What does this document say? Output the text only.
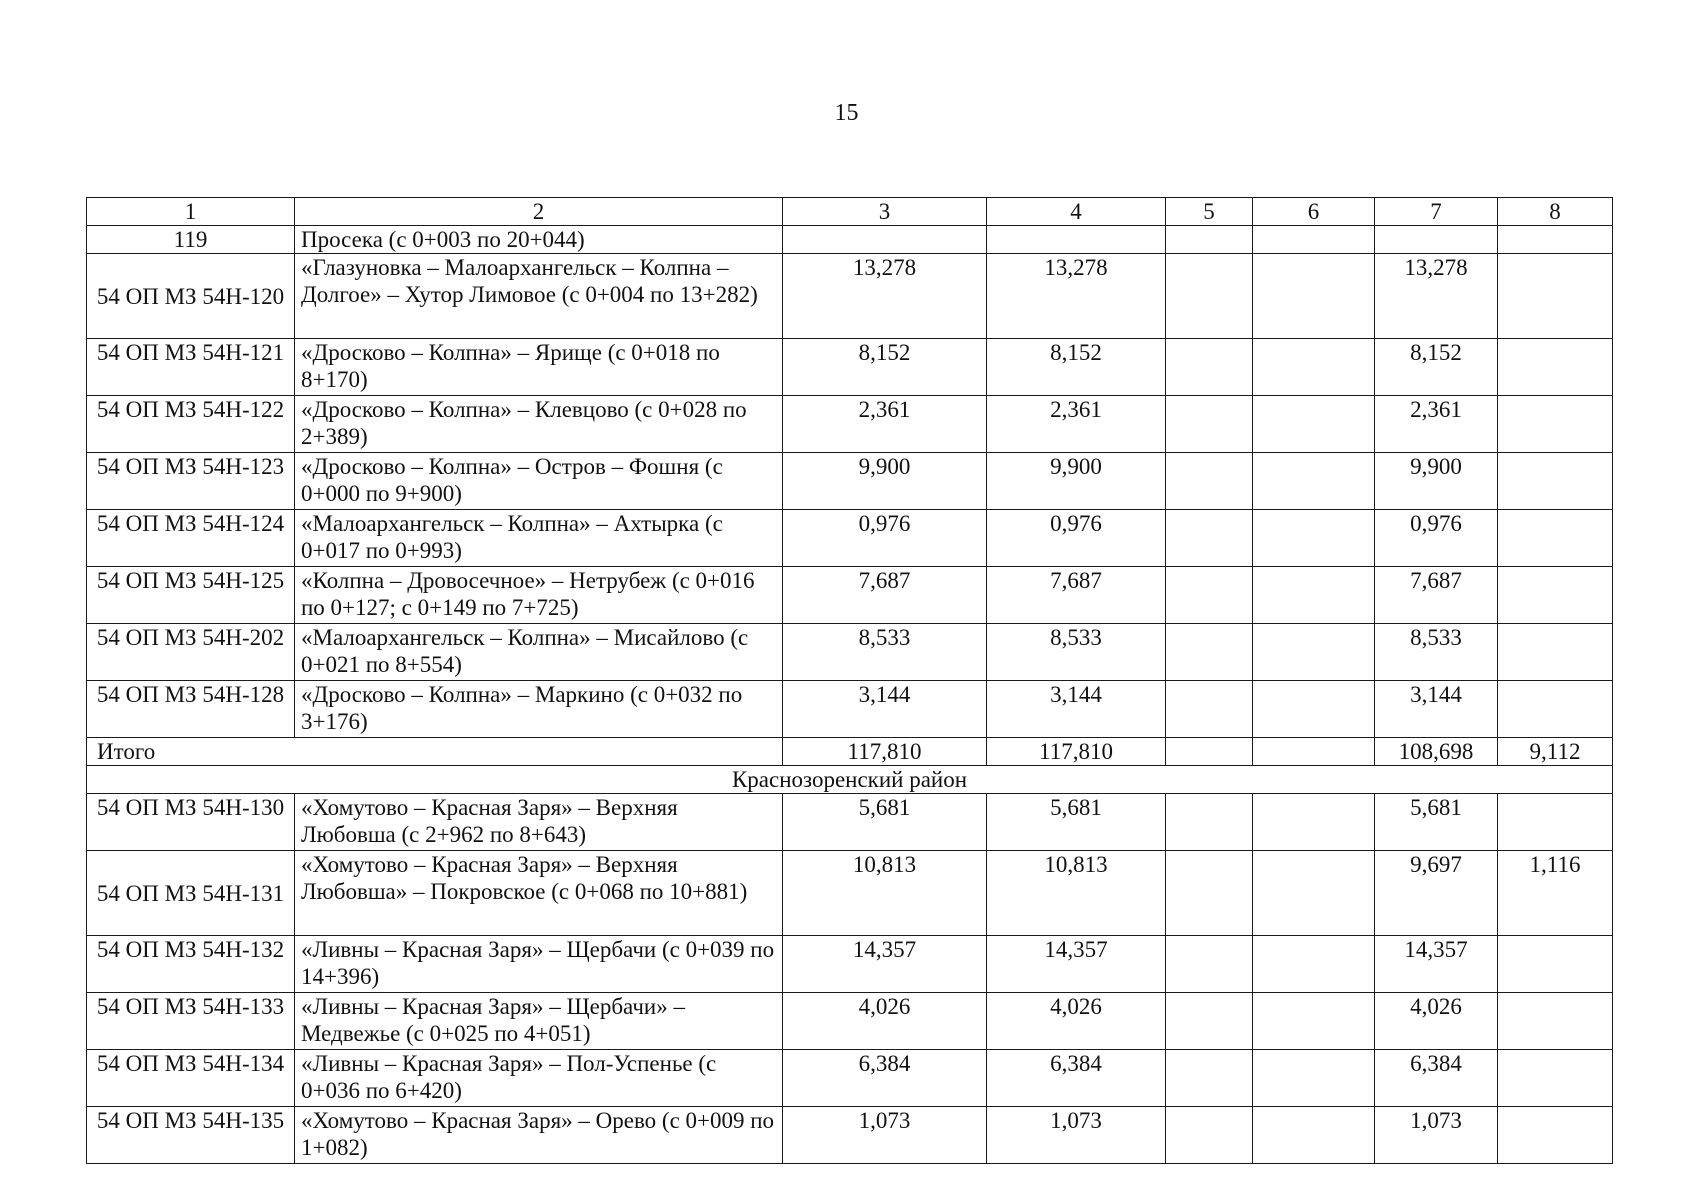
15
1	2	3	4	5	6	7	8
119	Просека (с 0+003 по 20+044)						
54 ОП МЗ 54Н-120	«Глазуновка – Малоархангельск – Колпна – Долгое» – Хутор Лимовое (с 0+004 по 13+282)	13,278	13,278			13,278	
54 ОП МЗ 54Н-121	«Дросково – Колпна» – Ярище (с 0+018 по 8+170)	8,152	8,152			8,152	
54 ОП МЗ 54Н-122	«Дросково – Колпна» – Клевцово (с 0+028 по 2+389)	2,361	2,361			2,361	
54 ОП МЗ 54Н-123	«Дросково – Колпна» – Остров – Фошня (с 0+000 по 9+900)	9,900	9,900			9,900	
54 ОП МЗ 54Н-124	«Малоархангельск – Колпна» – Ахтырка (с 0+017 по 0+993)	0,976	0,976			0,976	
54 ОП МЗ 54Н-125	«Колпна – Дровосечное» – Нетрубеж (с 0+016 по 0+127; с 0+149 по 7+725)	7,687	7,687			7,687	
54 ОП МЗ 54Н-202	«Малоархангельск – Колпна» – Мисайлово (с 0+021 по 8+554)	8,533	8,533			8,533	
54 ОП МЗ 54Н-128	«Дросково – Колпна» – Маркино (с 0+032 по 3+176)	3,144	3,144			3,144	
Итого		117,810	117,810			108,698	9,112
Краснозоренский район							
54 ОП МЗ 54Н-130	«Хомутово – Красная Заря» – Верхняя Любовша (с 2+962 по 8+643)	5,681	5,681			5,681	
54 ОП МЗ 54Н-131	«Хомутово – Красная Заря» – Верхняя Любовша» – Покровское (с 0+068 по 10+881)	10,813	10,813			9,697	1,116
54 ОП МЗ 54Н-132	«Ливны – Красная Заря» – Щербачи (с 0+039 по 14+396)	14,357	14,357			14,357	
54 ОП МЗ 54Н-133	«Ливны – Красная Заря» – Щербачи» – Медвежье (с 0+025 по 4+051)	4,026	4,026			4,026	
54 ОП МЗ 54Н-134	«Ливны – Красная Заря» – Пол-Успенье (с 0+036 по 6+420)	6,384	6,384			6,384	
54 ОП МЗ 54Н-135	«Хомутово – Красная Заря» – Орево (с 0+009 по 1+082)	1,073	1,073			1,073	
